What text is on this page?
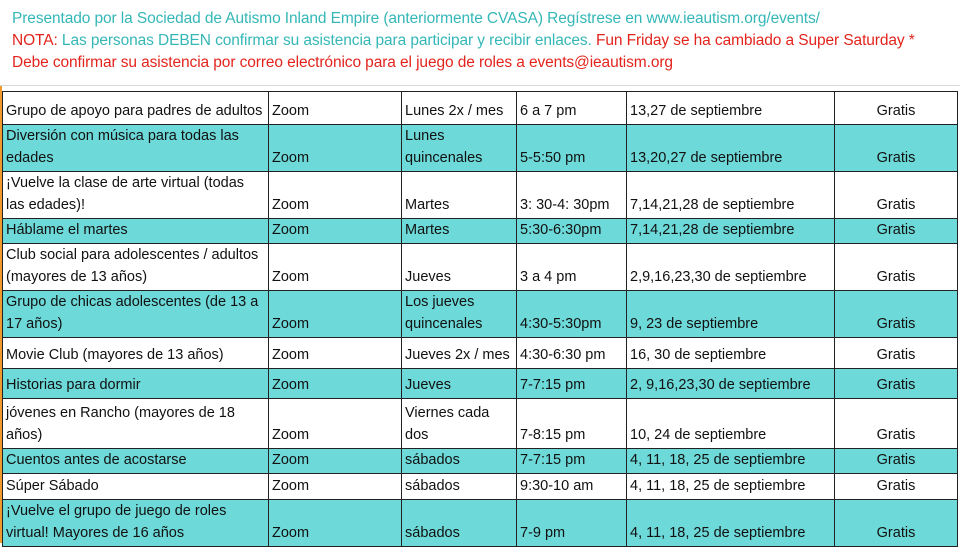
Presentado por la Sociedad de Autismo Inland Empire (anteriormente CVASA) Regístrese en www.ieautism.org/events/
NOTA: Las personas DEBEN confirmar su asistencia para participar y recibir enlaces. Fun Friday se ha cambiado a Super Saturday * Debe confirmar su asistencia por correo electrónico para el juego de roles a events@ieautism.org
Grupo de apoyo para padres de adultos	Zoom	Lunes 2x / mes	6 a 7 pm	13,27 de septiembre	Gratis
Diversión con música para todas las edades	Zoom	Lunes quincenales	5-5:50 pm	13,20,27 de septiembre	Gratis
¡Vuelve la clase de arte virtual (todas las edades)!	Zoom	Martes	3: 30-4: 30pm	7,14,21,28 de septiembre	Gratis
Háblame el martes	Zoom	Martes	5:30-6:30pm	7,14,21,28 de septiembre	Gratis
Club social para adolescentes / adultos (mayores de 13 años)	Zoom	Jueves	3 a 4 pm	2,9,16,23,30 de septiembre	Gratis
Grupo de chicas adolescentes (de 13 a 17 años)	Zoom	Los jueves quincenales	4:30-5:30pm	9, 23 de septiembre	Gratis
Movie Club (mayores de 13 años)	Zoom	Jueves 2x / mes	4:30-6:30 pm	16, 30 de septiembre	Gratis
Historias para dormir	Zoom	Jueves	7-7:15 pm	2, 9,16,23,30 de septiembre	Gratis
jóvenes en Rancho (mayores de 18 años)	Zoom	Viernes cada dos	7-8:15 pm	10, 24 de septiembre	Gratis
Cuentos antes de acostarse	Zoom	sábados	7-7:15 pm	4, 11, 18, 25 de septiembre	Gratis
Súper Sábado	Zoom	sábados	9:30-10 am	4, 11, 18, 25 de septiembre	Gratis
¡Vuelve el grupo de juego de roles virtual! Mayores de 16 años	Zoom	sábados	7-9 pm	4, 11, 18, 25 de septiembre	Gratis
